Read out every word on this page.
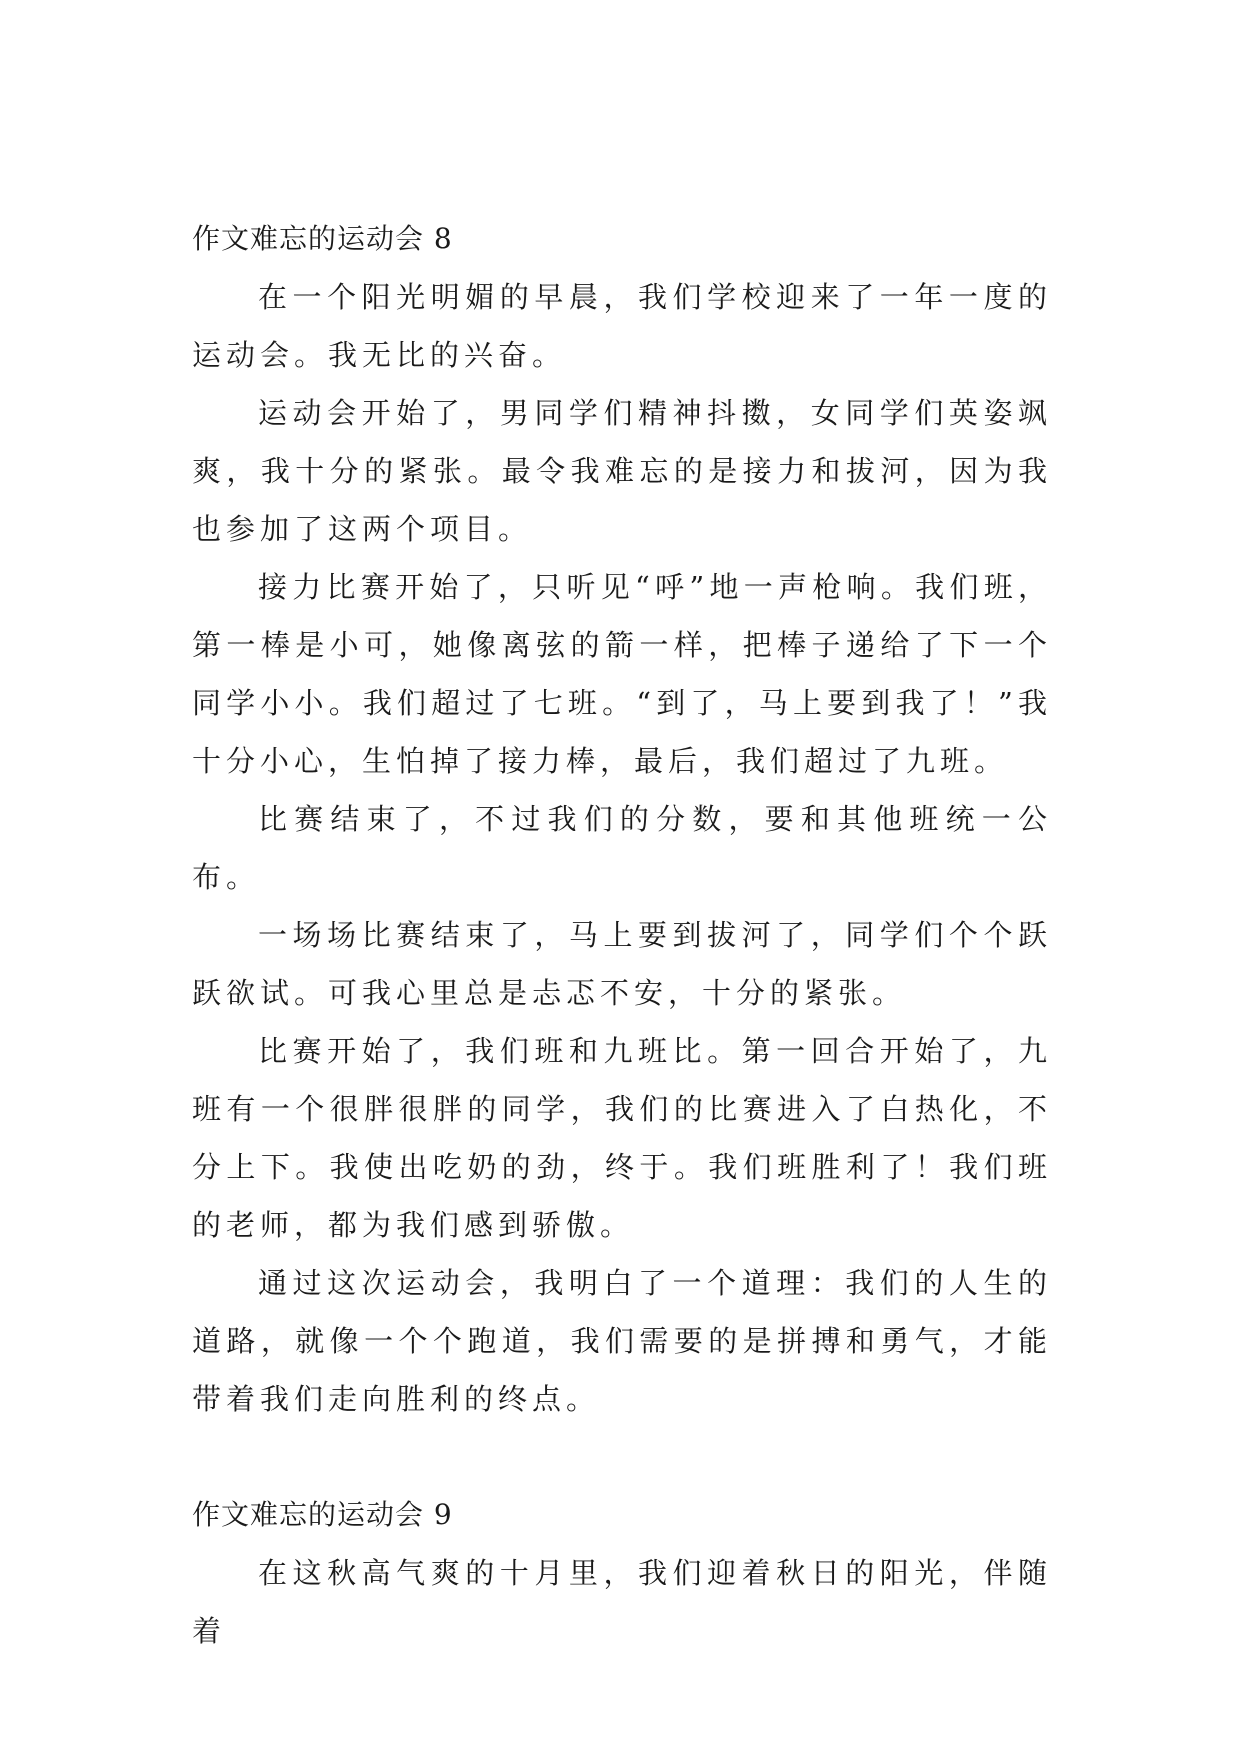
作文难忘的运动会 8

在一个阳光明媚的早晨，我们学校迎来了一年一度的运动会。我无比的兴奋。

运动会开始了，男同学们精神抖擞，女同学们英姿飒爽，我十分的紧张。最令我难忘的是接力和拔河，因为我也参加了这两个项目。

接力比赛开始了，只听见“呼”地一声枪响。我们班，第一棒是小可，她像离弦的箭一样，把棒子递给了下一个同学小小。我们超过了七班。“到了，马上要到我了！”我十分小心，生怕掉了接力棒，最后，我们超过了九班。

比赛结束了，不过我们的分数，要和其他班统一公布。

一场场比赛结束了，马上要到拔河了，同学们个个跃跃欲试。可我心里总是忐忑不安，十分的紧张。

比赛开始了，我们班和九班比。第一回合开始了，九班有一个很胖很胖的同学，我们的比赛进入了白热化，不分上下。我使出吃奶的劲，终于。我们班胜利了！我们班的老师，都为我们感到骄傲。

通过这次运动会，我明白了一个道理：我们的人生的道路，就像一个个跑道，我们需要的是拼搏和勇气，才能带着我们走向胜利的终点。

作文难忘的运动会 9

在这秋高气爽的十月里，我们迎着秋日的阳光，伴随着
